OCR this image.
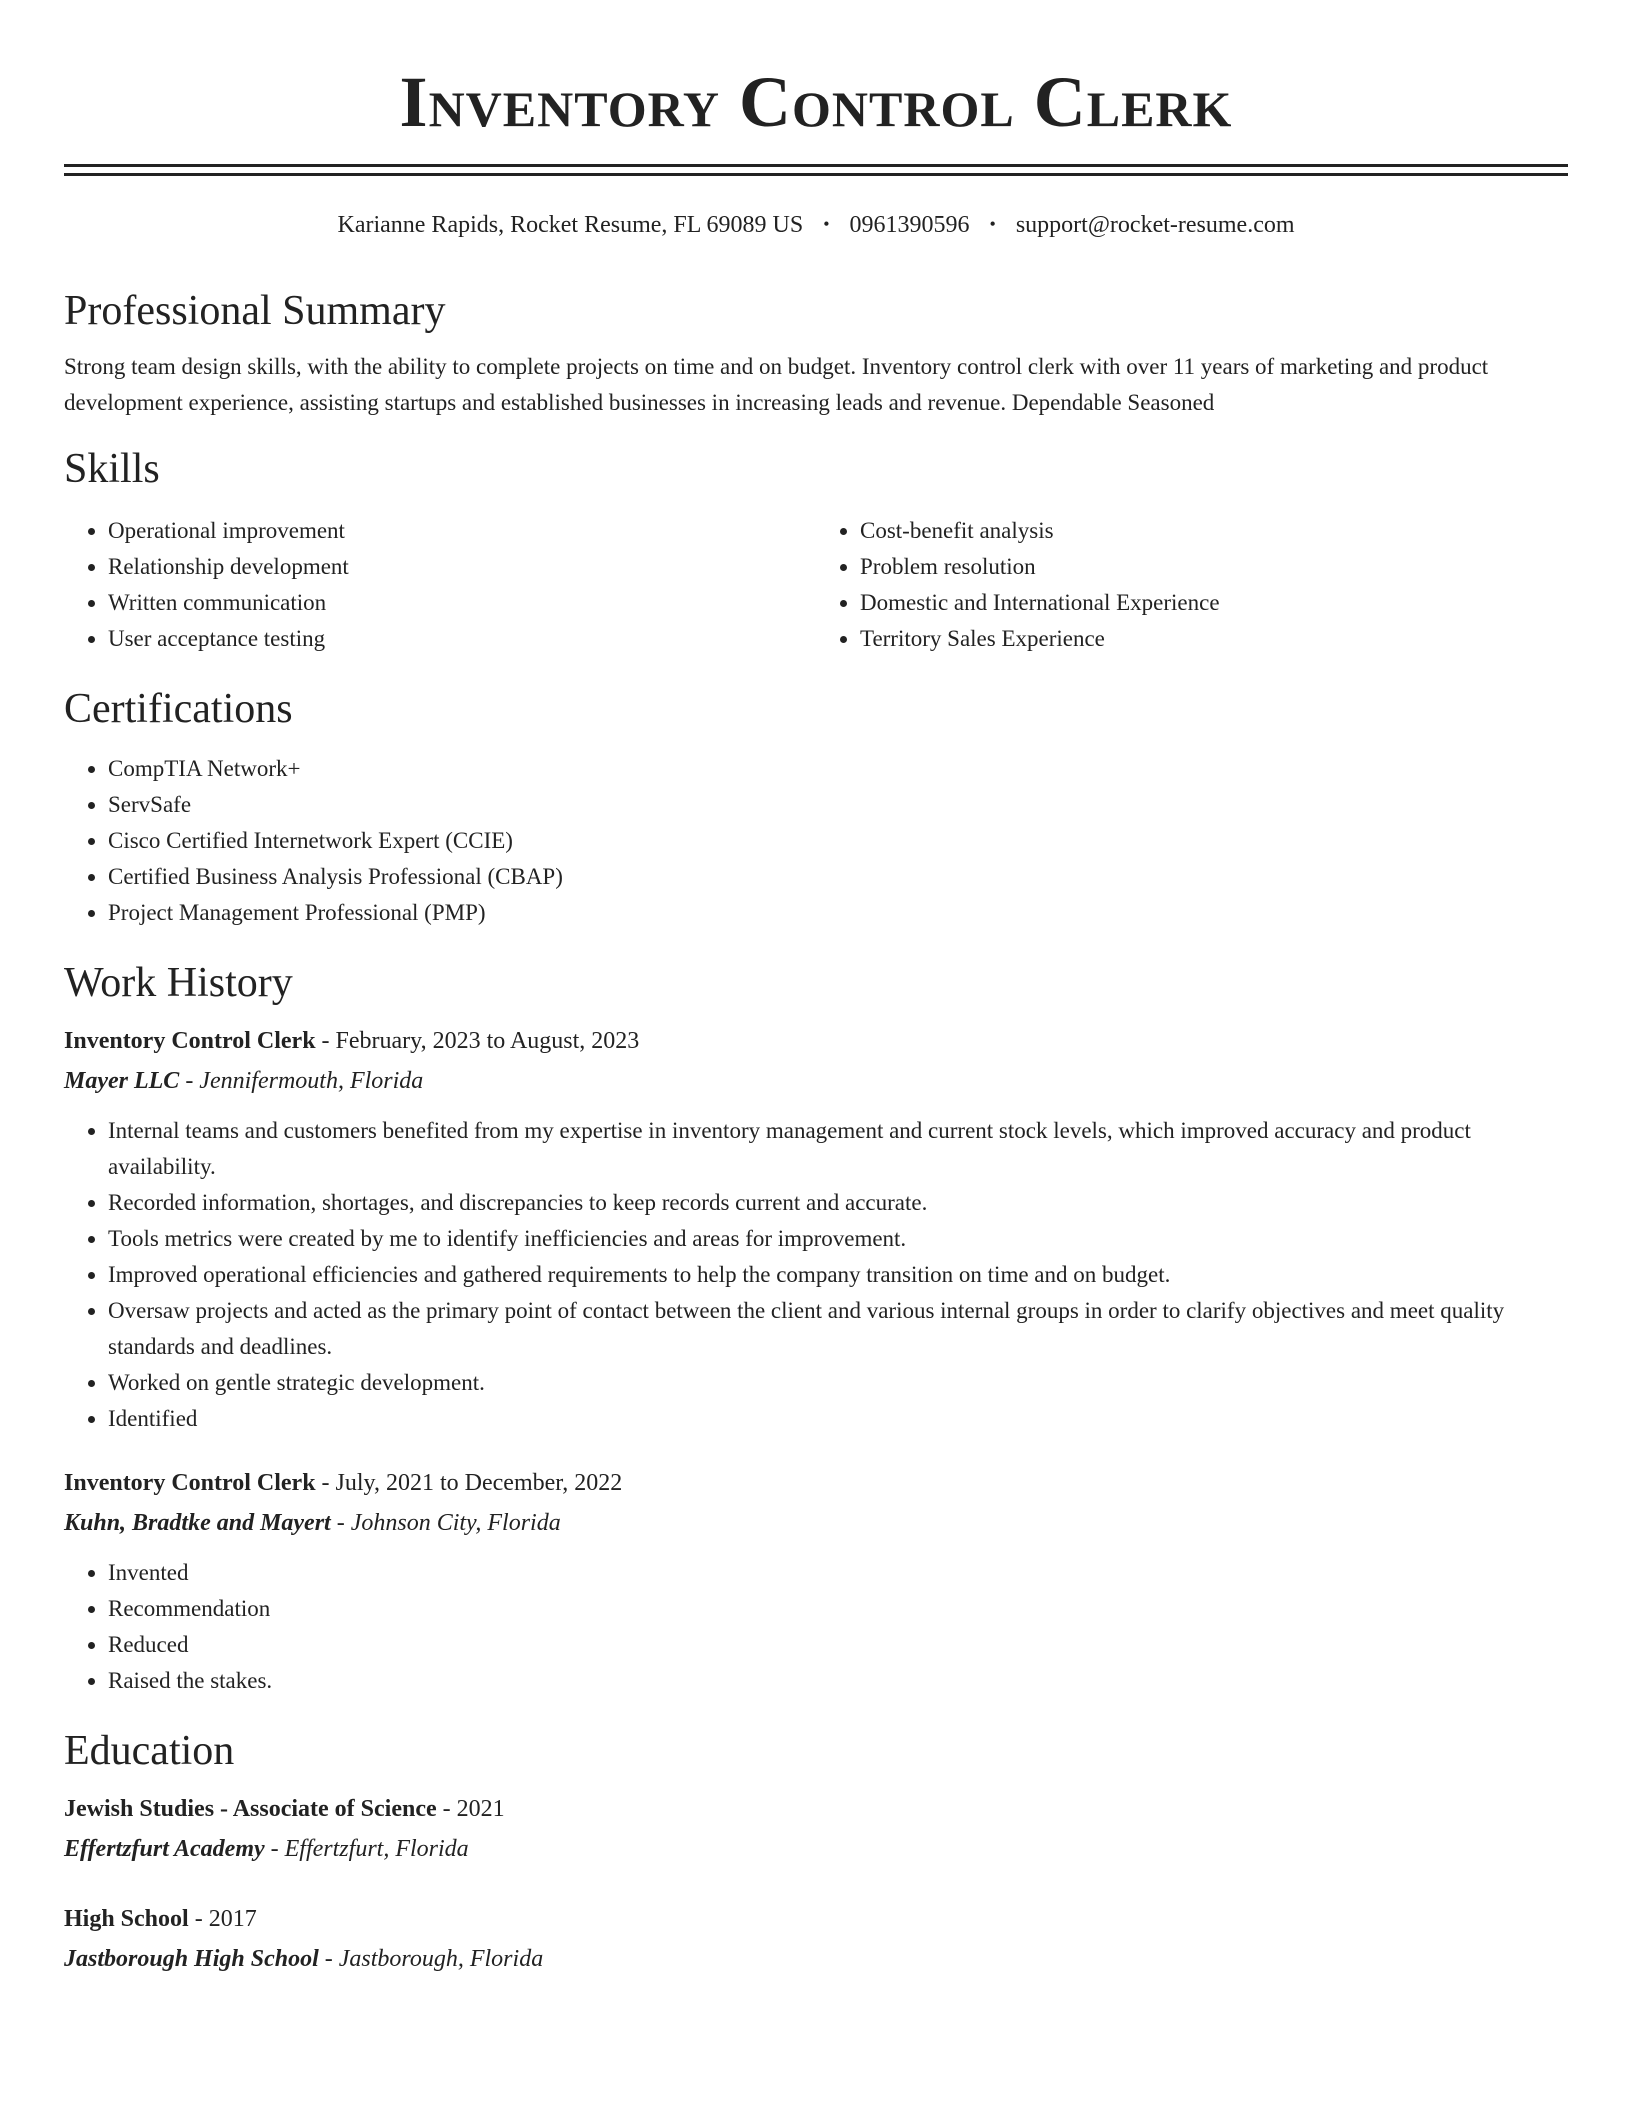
Inventory Control Clerk
Karianne Rapids, Rocket Resume, FL 69089 US • 0961390596 • support@rocket-resume.com
Professional Summary

Strong team design skills, with the ability to complete projects on time and on budget. Inventory control clerk with over 11 years of marketing and product development experience, assisting startups and established businesses in increasing leads and revenue. Dependable Seasoned

Skills
• Operational improvement
• Relationship development
• Written communication
• User acceptance testing
• Cost-benefit analysis
• Problem resolution
• Domestic and International Experience
• Territory Sales Experience
Certifications
• CompTIA Network+
• ServSafe
• Cisco Certified Internetwork Expert (CCIE)
• Certified Business Analysis Professional (CBAP)
• Project Management Professional (PMP)
Work History

Inventory Control Clerk - February, 2023 to August, 2023

Mayer LLC - Jennifermouth, Florida

• Internal teams and customers benefited from my expertise in inventory management and current stock levels, which improved accuracy and product availability.
• Recorded information, shortages, and discrepancies to keep records current and accurate.
• Tools metrics were created by me to identify inefficiencies and areas for improvement.
• Improved operational efficiencies and gathered requirements to help the company transition on time and on budget.
• Oversaw projects and acted as the primary point of contact between the client and various internal groups in order to clarify objectives and meet quality standards and deadlines.
• Worked on gentle strategic development.
• Identified

Inventory Control Clerk - July, 2021 to December, 2022

Kuhn, Bradtke and Mayert - Johnson City, Florida

• Invented
• Recommendation
• Reduced
• Raised the stakes.
Education

Jewish Studies - Associate of Science - 2021

Effertzfurt Academy - Effertzfurt, Florida

High School - 2017

Jastborough High School - Jastborough, Florida
